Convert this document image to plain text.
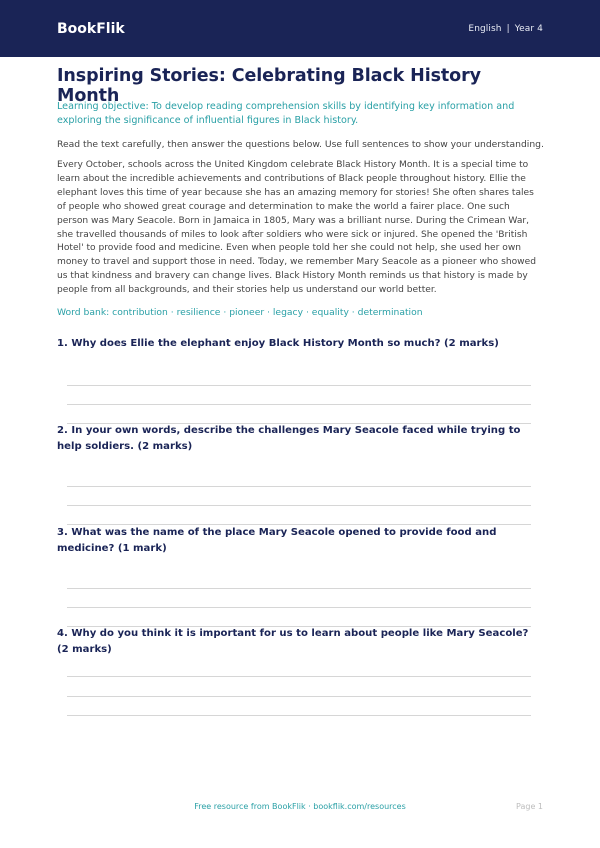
BookFlik	English | Year 4
Inspiring Stories: Celebrating Black History Month

Learning objective: To develop reading comprehension skills by identifying key information and exploring the significance of influential figures in Black history.

Read the text carefully, then answer the questions below. Use full sentences to show your understanding.

Every October, schools across the United Kingdom celebrate Black History Month. It is a special time to learn about the incredible achievements and contributions of Black people throughout history. Ellie the elephant loves this time of year because she has an amazing memory for stories! She often shares tales of people who showed great courage and determination to make the world a fairer place. One such person was Mary Seacole. Born in Jamaica in 1805, Mary was a brilliant nurse. During the Crimean War, she travelled thousands of miles to look after soldiers who were sick or injured. She opened the 'British Hotel' to provide food and medicine. Even when people told her she could not help, she used her own money to travel and support those in need. Today, we remember Mary Seacole as a pioneer who showed us that kindness and bravery can change lives. Black History Month reminds us that history is made by people from all backgrounds, and their stories help us understand our world better.

Word bank: contribution · resilience · pioneer · legacy · equality · determination

1. Why does Ellie the elephant enjoy Black History Month so much? (2 marks)

2. In your own words, describe the challenges Mary Seacole faced while trying to help soldiers. (2 marks)

3. What was the name of the place Mary Seacole opened to provide food and medicine? (1 mark)

4. Why do you think it is important for us to learn about people like Mary Seacole? (2 marks)

Free resource from BookFlik · bookflik.com/resources	Page 1
